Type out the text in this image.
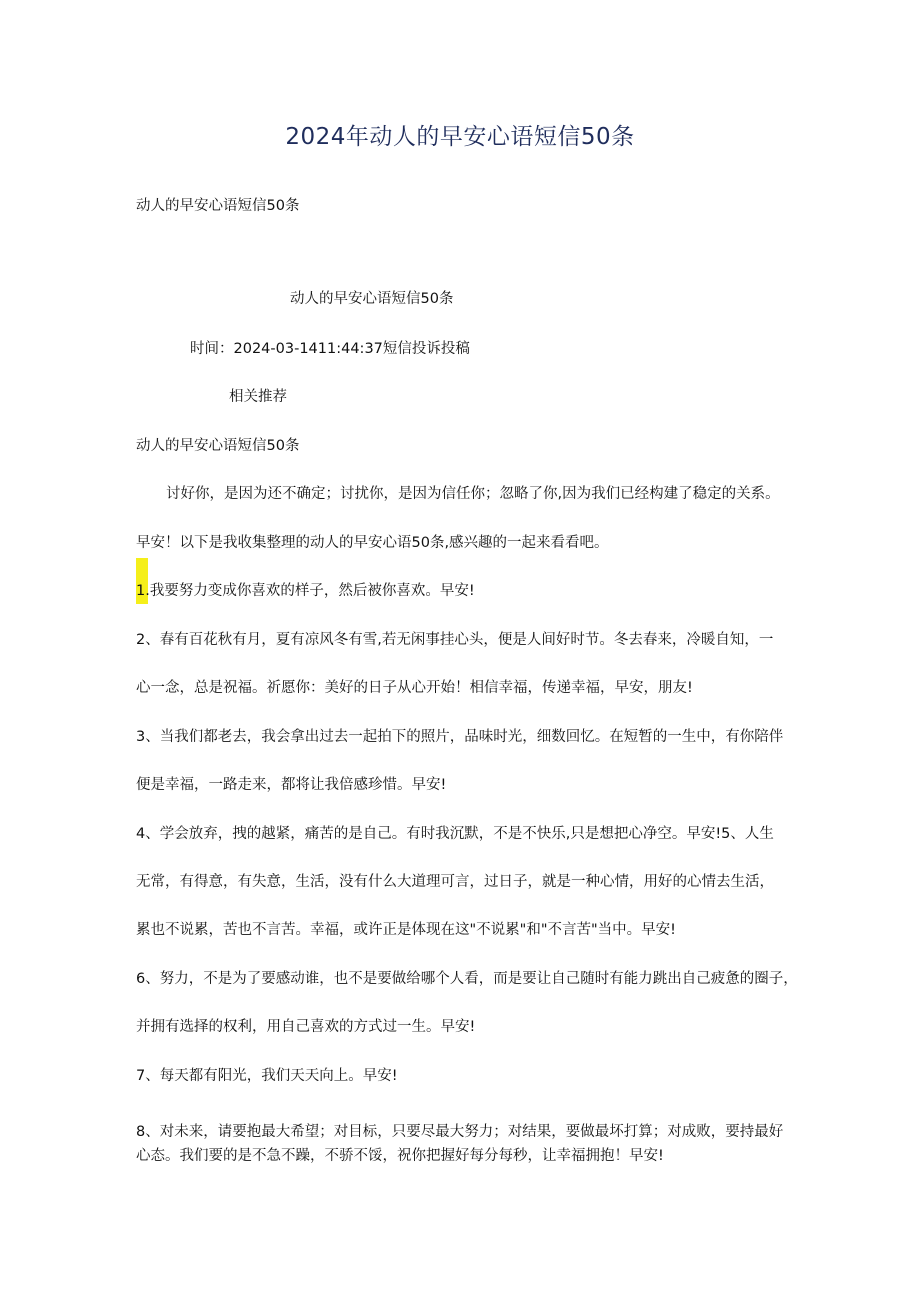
2024年动人的早安心语短信50条
动人的早安心语短信50条
动人的早安心语短信50条
时间：2024-03-1411:44:37短信投诉投稿
相关推荐
动人的早安心语短信50条
讨好你，是因为还不确定；讨扰你，是因为信任你；忽略了你,因为我们已经构建了稳定的关系。
早安！以下是我收集整理的动人的早安心语50条,感兴趣的一起来看看吧。
1.我要努力变成你喜欢的样子，然后被你喜欢。早安!
2、春有百花秋有月，夏有凉风冬有雪,若无闲事挂心头，便是人间好时节。冬去春来，冷暖自知，一
心一念，总是祝福。祈愿你：美好的日子从心开始！相信幸福，传递幸福，早安，朋友!
3、当我们都老去，我会拿出过去一起拍下的照片，品味时光，细数回忆。在短暂的一生中，有你陪伴
便是幸福，一路走来，都将让我倍感珍惜。早安!
4、学会放弃，拽的越紧，痛苦的是自己。有时我沉默，不是不快乐,只是想把心净空。早安!5、人生
无常，有得意，有失意，生活，没有什么大道理可言，过日子，就是一种心情，用好的心情去生活，
累也不说累，苦也不言苦。幸福，或许正是体现在这"不说累"和"不言苦"当中。早安!
6、努力，不是为了要感动谁，也不是要做给哪个人看，而是要让自己随时有能力跳出自己疲惫的圈子，
并拥有选择的权利，用自己喜欢的方式过一生。早安!
7、每天都有阳光，我们天天向上。早安!
8、对未来，请要抱最大希望；对目标，只要尽最大努力；对结果，要做最坏打算；对成败，要持最好
心态。我们要的是不急不躁，不骄不馁，祝你把握好每分每秒，让幸福拥抱！早安!
